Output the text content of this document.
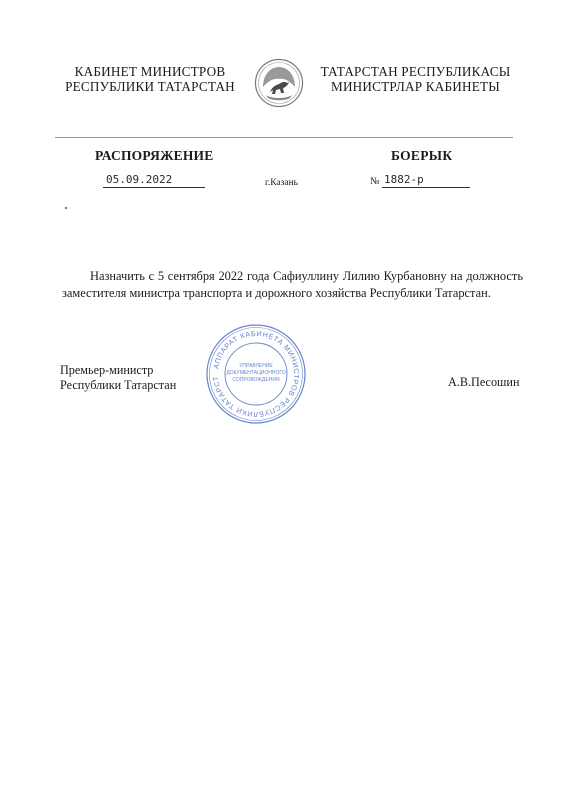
КАБИНЕТ МИНИСТРОВ
РЕСПУБЛИКИ ТАТАРСТАН
ТАТАРСТАН РЕСПУБЛИКАСЫ
МИНИСТРЛАР КАБИНЕТЫ
РАСПОРЯЖЕНИЕ	БОЕРЫК
05.09.2022	г.Казань	№ 1882-р
Назначить с 5 сентября 2022 года Сафиуллину Лилию Курбановну на должность заместителя министра транспорта и дорожного хозяйства Республики Татарстан.
Премьер-министр
Республики Татарстан
АППАРАТ КАБИНЕТА МИНИСТРОВ РЕСПУБЛИКИ ТАТАРСТ
УПРАВЛЕНИЕ
ДОКУМЕНТАЦИОННОГО
СОПРОВОЖДЕНИЯ	А.В.Песошин
